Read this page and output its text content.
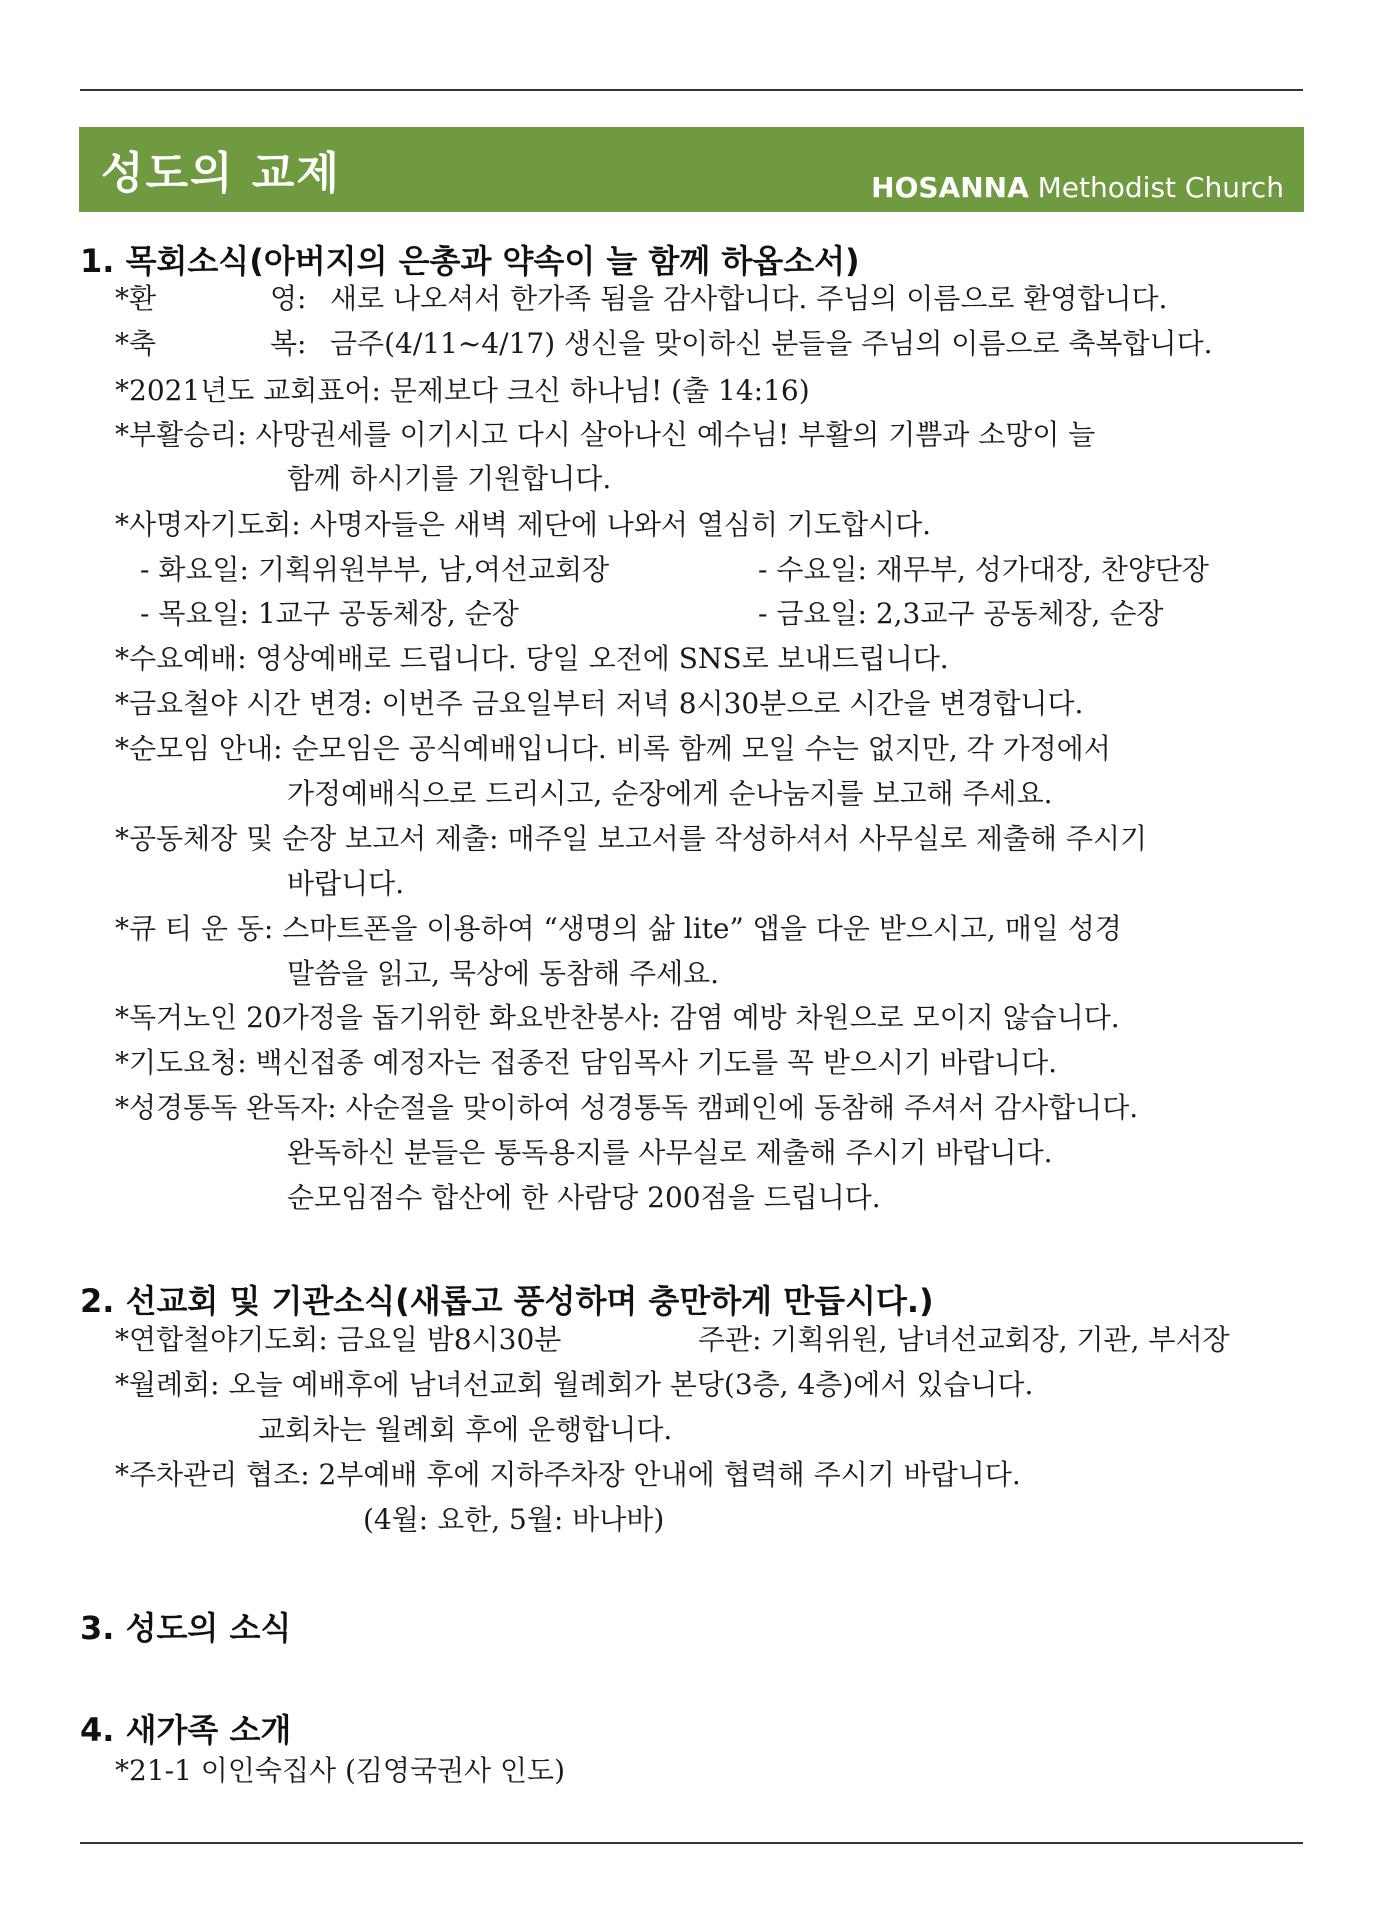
성도의 교제	HOSANNA Methodist Church
1. 목회소식(아버지의 은총과 약속이 늘 함께 하옵소서)
*환	영: 새로 나오셔서 한가족 됨을 감사합니다. 주님의 이름으로 환영합니다.
*축	복: 금주(4/11~4/17) 생신을 맞이하신 분들을 주님의 이름으로 축복합니다.
*2021년도 교회표어: 문제보다 크신 하나님! (출 14:16)
*부활승리: 사망권세를 이기시고 다시 살아나신 예수님! 부활의 기쁨과 소망이 늘
함께 하시기를 기원합니다.
*사명자기도회: 사명자들은 새벽 제단에 나와서 열심히 기도합시다.
- 화요일: 기획위원부부, 남,여선교회장	- 수요일: 재무부, 성가대장, 찬양단장
- 목요일: 1교구 공동체장, 순장	- 금요일: 2,3교구 공동체장, 순장
*수요예배: 영상예배로 드립니다. 당일 오전에 SNS로 보내드립니다.
*금요철야 시간 변경: 이번주 금요일부터 저녁 8시30분으로 시간을 변경합니다.
*순모임 안내: 순모임은 공식예배입니다. 비록 함께 모일 수는 없지만, 각 가정에서
가정예배식으로 드리시고, 순장에게 순나눔지를 보고해 주세요.
*공동체장 및 순장 보고서 제출: 매주일 보고서를 작성하셔서 사무실로 제출해 주시기
바랍니다.
*큐 티 운 동: 스마트폰을 이용하여 “생명의 삶 lite” 앱을 다운 받으시고, 매일 성경
말씀을 읽고, 묵상에 동참해 주세요.
*독거노인 20가정을 돕기위한 화요반찬봉사: 감염 예방 차원으로 모이지 않습니다.
*기도요청: 백신접종 예정자는 접종전 담임목사 기도를 꼭 받으시기 바랍니다.
*성경통독 완독자: 사순절을 맞이하여 성경통독 캠페인에 동참해 주셔서 감사합니다.
완독하신 분들은 통독용지를 사무실로 제출해 주시기 바랍니다.
순모임점수 합산에 한 사람당 200점을 드립니다.
2. 선교회 및 기관소식(새롭고 풍성하며 충만하게 만듭시다.)
*연합철야기도회: 금요일 밤8시30분	주관: 기획위원, 남녀선교회장, 기관, 부서장
*월례회: 오늘 예배후에 남녀선교회 월례회가 본당(3층, 4층)에서 있습니다.
교회차는 월례회 후에 운행합니다.
*주차관리 협조: 2부예배 후에 지하주차장 안내에 협력해 주시기 바랍니다.
(4월: 요한, 5월: 바나바)
3. 성도의 소식
4. 새가족 소개
*21-1 이인숙집사 (김영국권사 인도)
